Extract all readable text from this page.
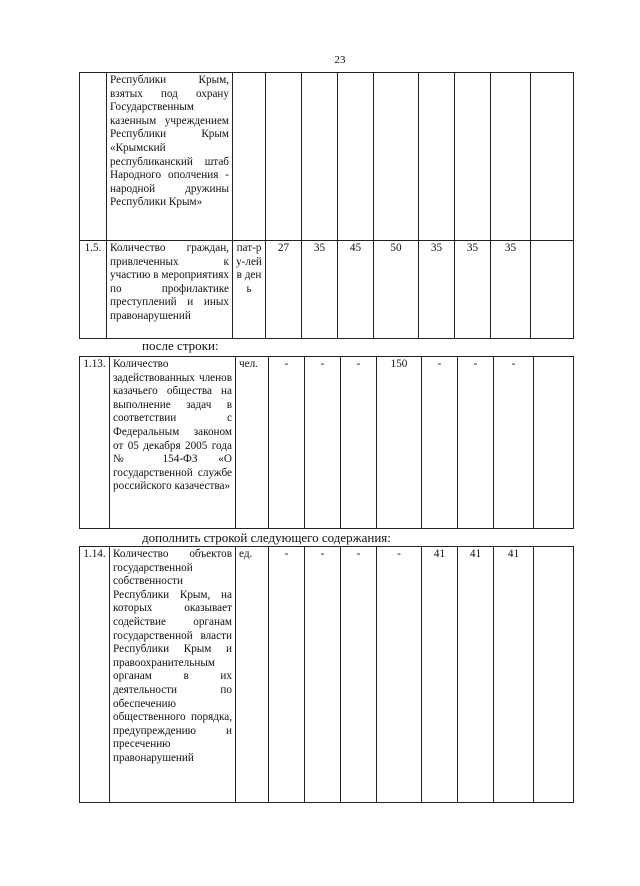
23
	Республики Крым, взятых под охрану Государственным казенным учреждением Республики Крым «Крымский республиканский штаб Народного ополчения - народной дружины Республики Крым»									
1.5.	Количество граждан, привлеченных к участию в мероприятиях по профилактике преступлений и иных правонарушений	пат-ру-лей в день	27	35	45	50	35	35	35	
после строки:
1.13.	Количество задействованных членов казачьего общества на выполнение задач в соответствии с Федеральным законом от 05 декабря 2005 года № 154-ФЗ «О государственной службе российского казачества»	чел.	-	-	-	150	-	-	-	
дополнить строкой следующего содержания:
1.14.	Количество объектов государственной собственности Республики Крым, на которых оказывает содействие органам государственной власти Республики Крым и правоохранительным органам в их деятельности по обеспечению общественного порядка, предупреждению и пресечению правонарушений	ед.	-	-	-	-	41	41	41	
